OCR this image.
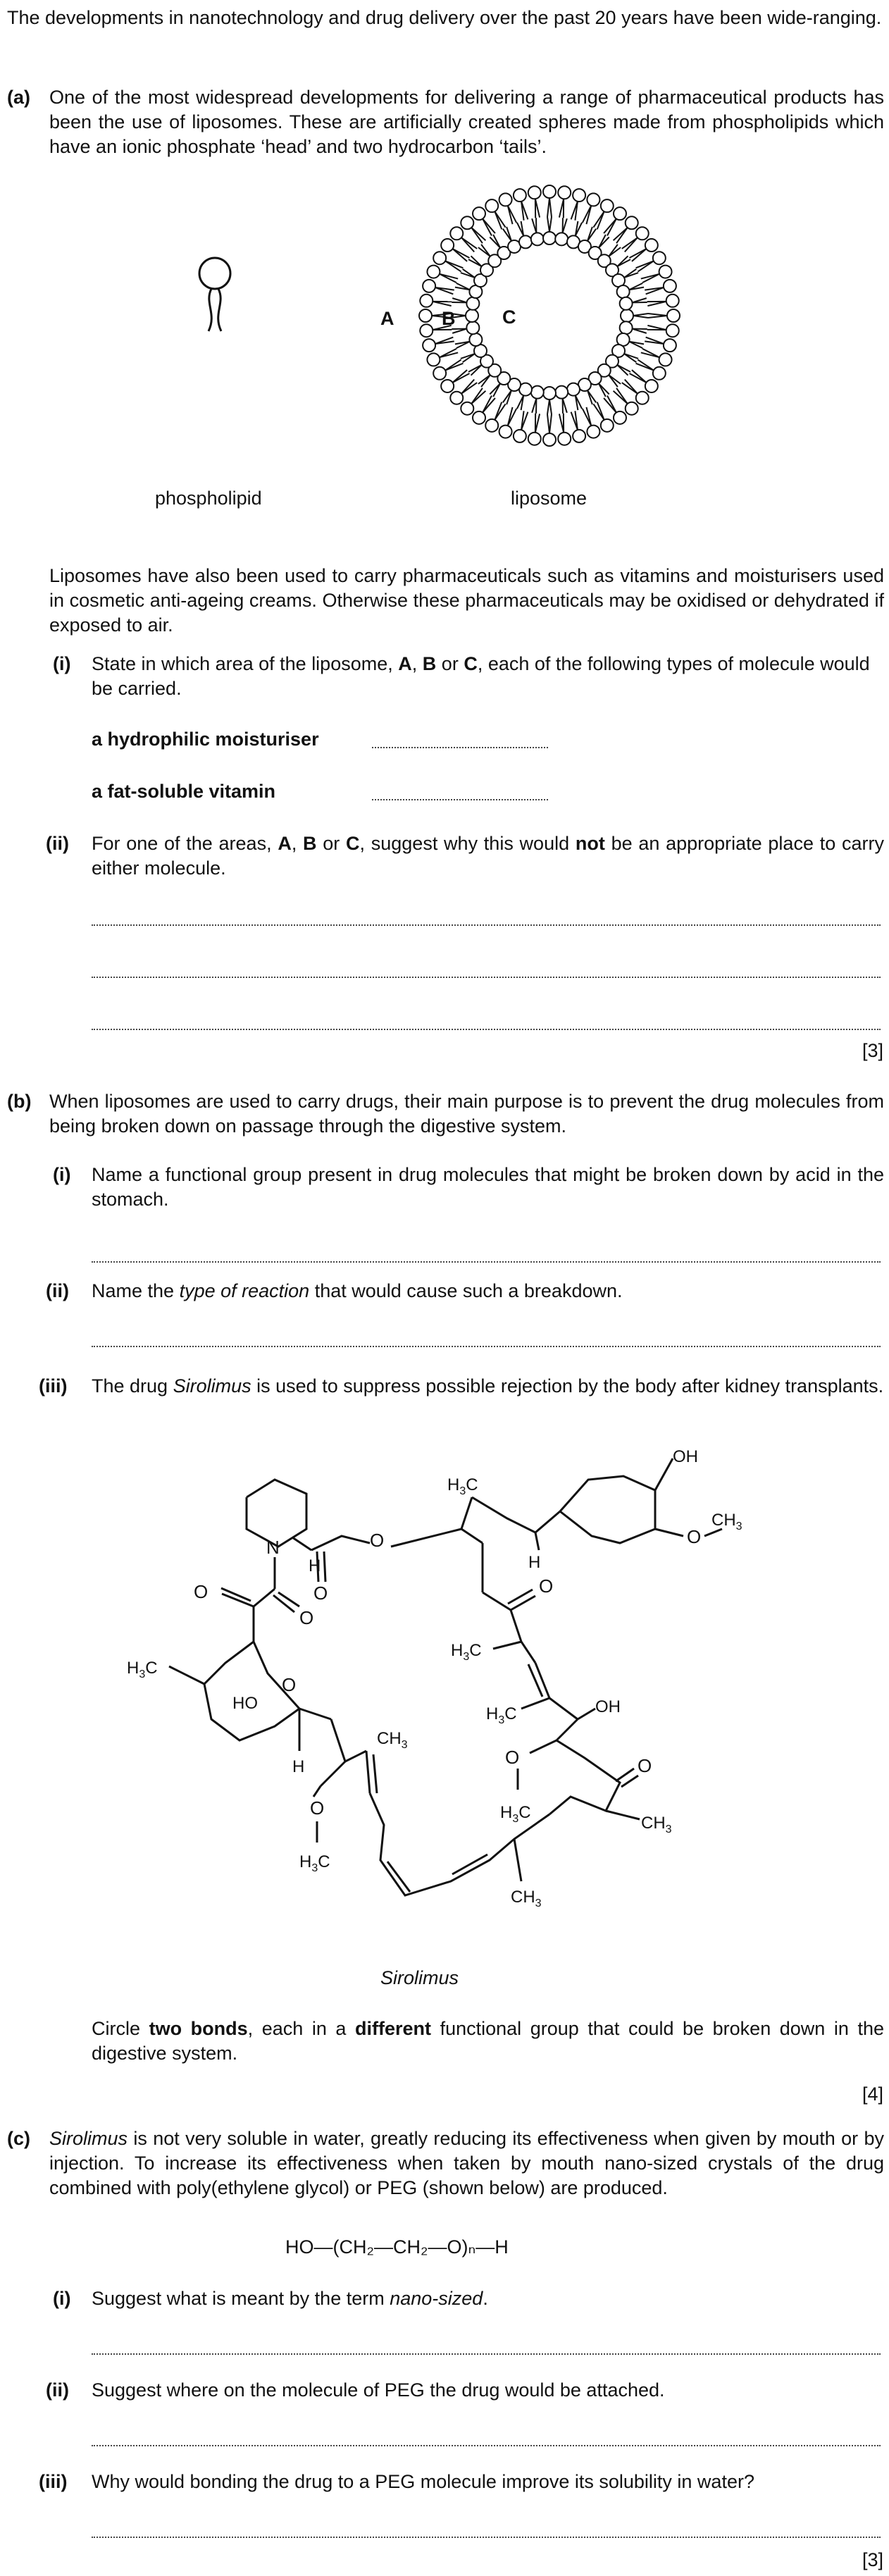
The developments in nanotechnology and drug delivery over the past 20 years have been wide-ranging.
(a) One of the most widespread developments for delivering a range of pharmaceutical products has been the use of liposomes. These are artificially created spheres made from phospholipids which have an ionic phosphate ‘head’ and two hydrocarbon ‘tails’.
A	B C
phospholipid	liposome
Liposomes have also been used to carry pharmaceuticals such as vitamins and moisturisers used in cosmetic anti-ageing creams. Otherwise these pharmaceuticals may be oxidised or dehydrated if exposed to air.
(i) State in which area of the liposome, A, B or C, each of the following types of molecule would be carried.
a hydrophilic moisturiser
a fat-soluble vitamin
(ii) For one of the areas, A, B or C, suggest why this would not be an appropriate place to carry either molecule.
[3]
(b) When liposomes are used to carry drugs, their main purpose is to prevent the drug molecules from being broken down on passage through the digestive system.
(i) Name a functional group present in drug molecules that might be broken down by acid in the stomach.
(ii) Name the type of reaction that would cause such a breakdown.
(iii) The drug Sirolimus is used to suppress possible rejection by the body after kidney transplants.
N
H
O
O
O
O
HO
O
$H_3C$
H
$CH_3$
O
$H_3C$
$CH_3$
$CH_3$
O
O
$H_3C$
OH
$H_3C$
$H_3C$
O
$H_3C$
H
OH
O
$CH_3$
Sirolimus
Circle two bonds, each in a different functional group that could be broken down in the digestive system.
[4]
(c) Sirolimus is not very soluble in water, greatly reducing its effectiveness when given by mouth or by injection. To increase its effectiveness when taken by mouth nano-sized crystals of the drug combined with poly(ethylene glycol) or PEG (shown below) are produced.
HO—(CH₂—CH₂—O)ₙ—H
(i) Suggest what is meant by the term nano-sized.
(ii) Suggest where on the molecule of PEG the drug would be attached.
(iii) Why would bonding the drug to a PEG molecule improve its solubility in water?
[3]
